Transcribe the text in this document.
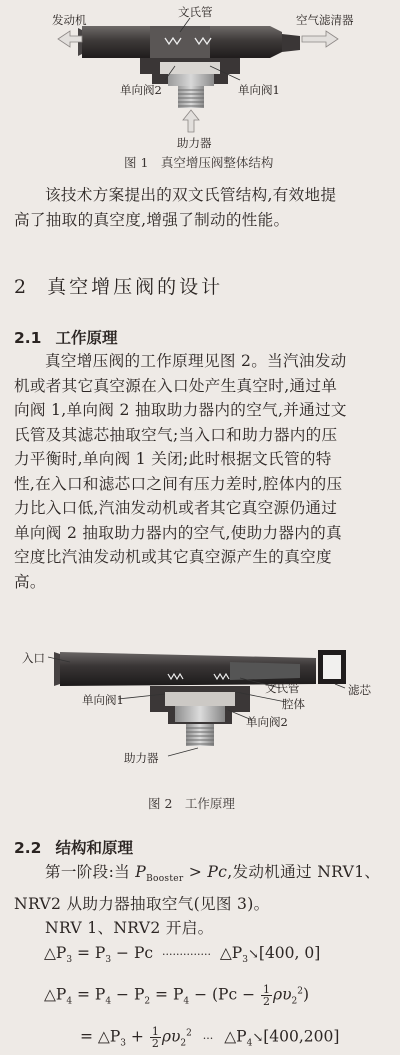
发动机
文氏管
空气滤清器
单向阀2	单向阀1
助力器
图 1　真空增压阀整体结构

该技术方案提出的双文氏管结构,有效地提
高了抽取的真空度,增强了制动的性能。

2 真空增压阀的设计
2.1 工作原理

真空增压阀的工作原理见图 2。当汽油发动
机或者其它真空源在入口处产生真空时,通过单
向阀 1,单向阀 2 抽取助力器内的空气,并通过文
氏管及其滤芯抽取空气;当入口和助力器内的压
力平衡时,单向阀 1 关闭;此时根据文氏管的特
性,在入口和滤芯口之间有压力差时,腔体内的压
力比入口低,汽油发动机或者其它真空源仍通过
单向阀 2 抽取助力器内的空气,使助力器内的真
空度比汽油发动机或其它真空源产生的真空度
高。

入口
滤芯
单向阀1
文氏管
腔体
单向阀2
助力器
图 2　工作原理
2.2 结构和原理
第一阶段:当 $P_{Booster} > Pc$,发动机通过 NRV1、
NRV2 从助力器抽取空气(见图 3)。
NRV 1、NRV2 开启。
$\triangle P_3 = P_3 - Pc$ ·············· $\triangle P_3↘[400$, 0]
$\triangle P_4 = P_4 - P_2 = P_4 - (Pc - \frac{1}{2} \rho\upsilon_2^2)$
= $\triangle P_3 + \frac{1}{2} \rho\upsilon_2^2$ ··· $\triangle P_4↘[400,200]$
